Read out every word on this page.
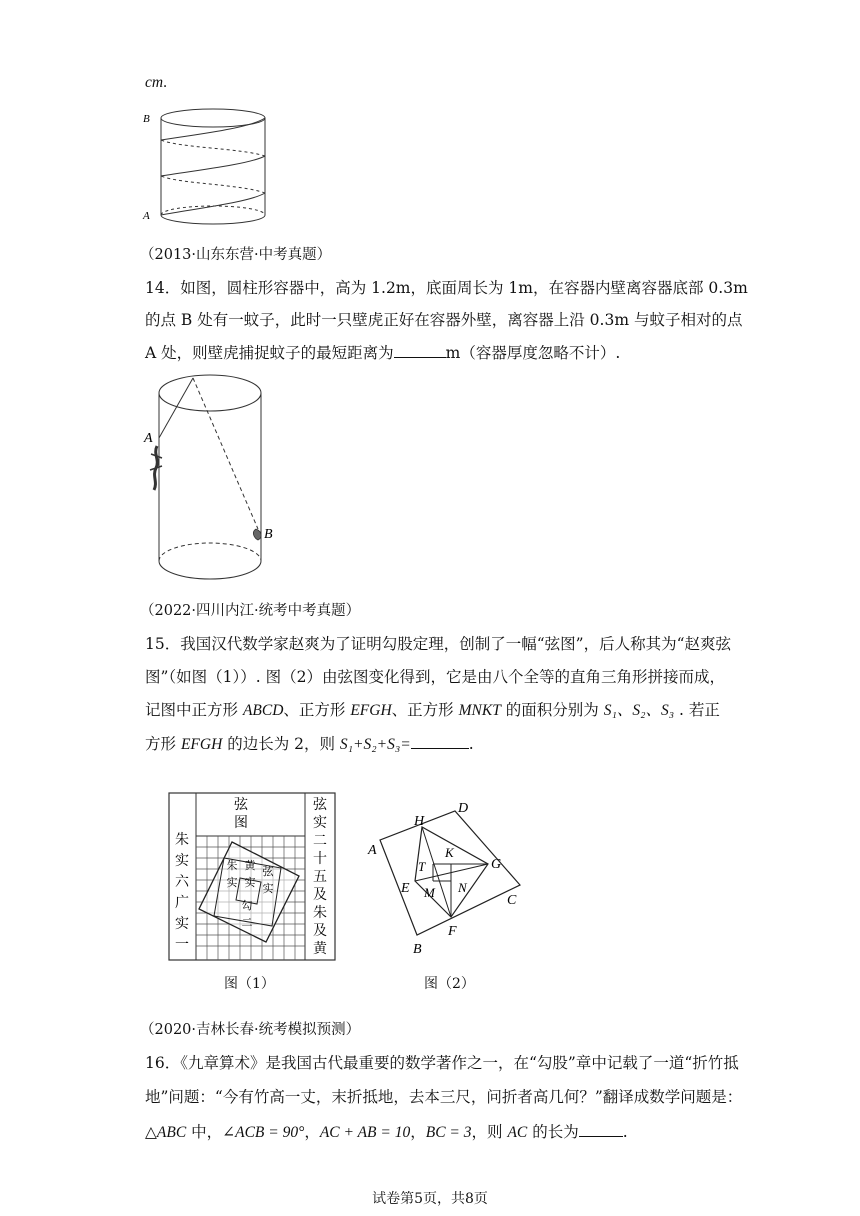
cm.
B
A
（2013·山东东营·中考真题）
14．如图，圆柱形容器中，高为 1.2m，底面周长为 1m，在容器内壁离容器底部 0.3m
的点 B 处有一蚊子，此时一只壁虎正好在容器外壁，离容器上沿 0.3m 与蚊子相对的点
A 处，则壁虎捕捉蚊子的最短距离为	m（容器厚度忽略不计）.
A
B
（2022·四川内江·统考中考真题）
15．我国汉代数学家赵爽为了证明勾股定理，创制了一幅“弦图”，后人称其为“赵爽弦
图”（如图（1））. 图（2）由弦图变化得到，它是由八个全等的直角三角形拼接而成，
记图中正方形 ABCD、正方形 EFGH、正方形 MNKT 的面积分别为 S₁、S₂、S₃ . 若正
方形 EFGH 的边长为 2，则 S₁+S₂+S₃=	.
弦
图
朱
实
六
广
实
一
弦
实
二
十
五
及
朱
及
黄
朱
实
黄
实
弦
实
勾
二
图（1）
A
B
C
D
E
F
G
H
K
T
M N
图（2）
（2020·吉林长春·统考模拟预测）
16．《九章算术》是我国古代最重要的数学著作之一，在“勾股”章中记载了一道“折竹抵
地”问题：“今有竹高一丈，末折抵地，去本三尺，问折者高几何？”翻译成数学问题是：
△ABC 中，∠ACB = 90°，AC + AB = 10，BC = 3，则 AC 的长为	.
试卷第5页，共8页
